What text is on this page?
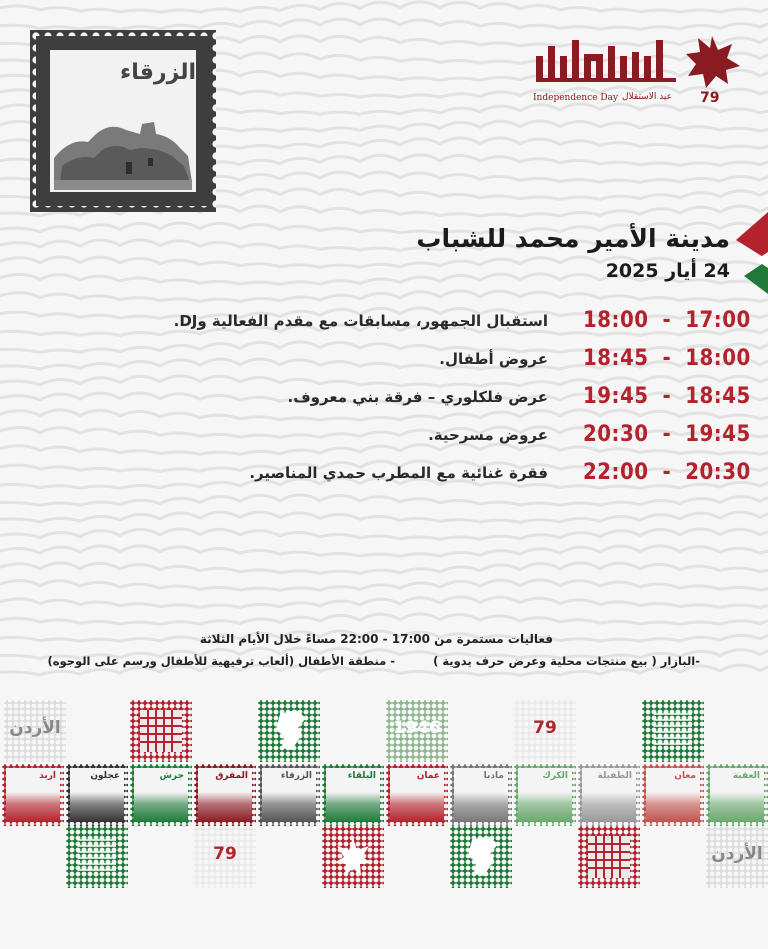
الزرقاء
79
Independence Day عيد الاستقلال
مدينة الأمير محمد للشباب
24 أيار 2025
18:00 - 17:00
استقبال الجمهور، مسابقات مع مقدم الفعالية وDJ.
18:45 - 18:00
عروض أطفال.
19:45 - 18:45
عرض فلكلوري – فرقة بني معروف.
20:30 - 19:45
عروض مسرحية.
22:00 - 20:30
فقرة غنائية مع المطرب حمدي المناصير.
فعاليات مستمرة من 17:00 - 22:00 مساءً خلال الأيام الثلاثة
-البازار ( بيع منتجات محلية وعرض حرف يدوية )  - منطقة الأطفال (ألعاب ترفيهية للأطفال ورسم على الوجوه)
الأردن	1946	79
79	الأردن
اربد	عجلون	جرش	المفرق	الزرقاء	البلقاء	عمان	مادبا	الكرك	الطفيلة	معان	العقبة
